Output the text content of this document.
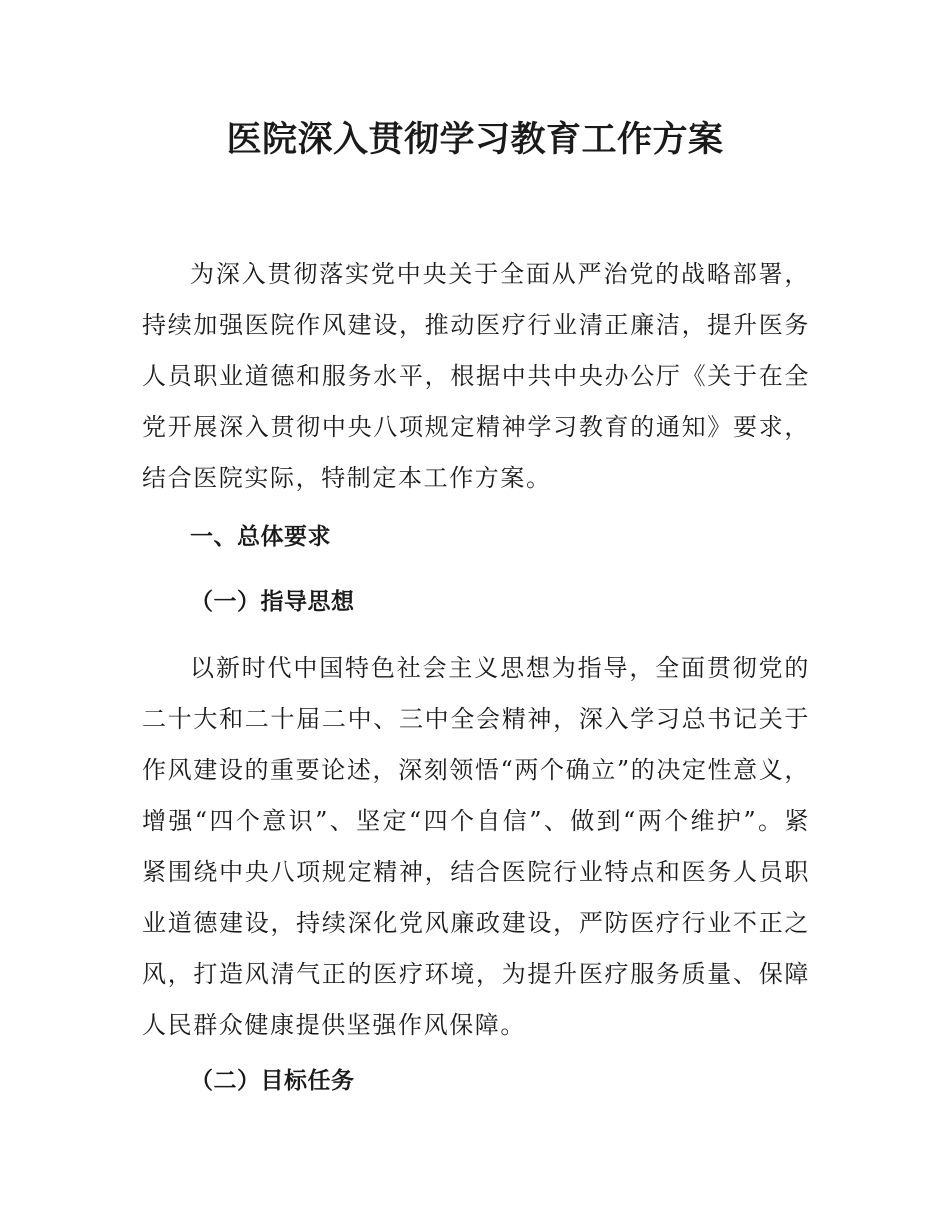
医院深入贯彻学习教育工作方案

为深入贯彻落实党中央关于全面从严治党的战略部署，持续加强医院作风建设，推动医疗行业清正廉洁，提升医务人员职业道德和服务水平，根据中共中央办公厅《关于在全党开展深入贯彻中央八项规定精神学习教育的通知》要求，结合医院实际，特制定本工作方案。

一、总体要求
（一）指导思想

以新时代中国特色社会主义思想为指导，全面贯彻党的二十大和二十届二中、三中全会精神，深入学习总书记关于作风建设的重要论述，深刻领悟“两个确立”的决定性意义，增强“四个意识”、坚定“四个自信”、做到“两个维护”。紧紧围绕中央八项规定精神，结合医院行业特点和医务人员职业道德建设，持续深化党风廉政建设，严防医疗行业不正之风，打造风清气正的医疗环境，为提升医疗服务质量、保障人民群众健康提供坚强作风保障。

（二）目标任务
